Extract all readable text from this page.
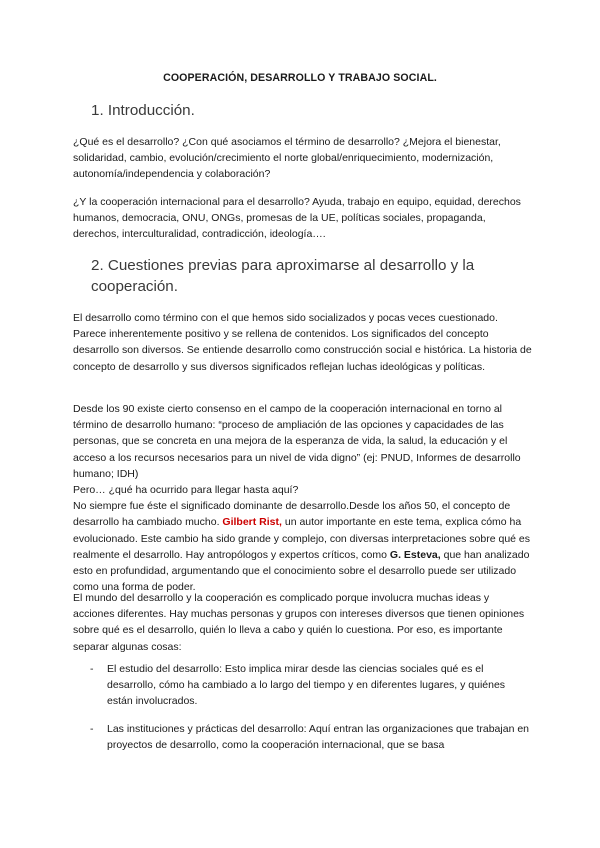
COOPERACIÓN, DESARROLLO Y TRABAJO SOCIAL.
1. Introducción.

¿Qué es el desarrollo? ¿Con qué asociamos el término de desarrollo? ¿Mejora el bienestar, solidaridad, cambio, evolución/crecimiento el norte global/enriquecimiento, modernización, autonomía/independencia y colaboración?

¿Y la cooperación internacional para el desarrollo? Ayuda, trabajo en equipo, equidad, derechos humanos, democracia, ONU, ONGs, promesas de la UE, políticas sociales, propaganda, derechos, interculturalidad, contradicción, ideología….

2. Cuestiones previas para aproximarse al desarrollo y la cooperación.

El desarrollo como término con el que hemos sido socializados y pocas veces cuestionado. Parece inherentemente positivo y se rellena de contenidos. Los significados del concepto desarrollo son diversos. Se entiende desarrollo como construcción social e histórica. La historia de concepto de desarrollo y sus diversos significados reflejan luchas ideológicas y políticas.

Desde los 90 existe cierto consenso en el campo de la cooperación internacional en torno al término de desarrollo humano: “proceso de ampliación de las opciones y capacidades de las personas, que se concreta en una mejora de la esperanza de vida, la salud, la educación y el acceso a los recursos necesarios para un nivel de vida digno” (ej: PNUD, Informes de desarrollo humano; IDH)

Pero… ¿qué ha ocurrido para llegar hasta aquí?

No siempre fue éste el significado dominante de desarrollo.Desde los años 50, el concepto de desarrollo ha cambiado mucho. Gilbert Rist, un autor importante en este tema, explica cómo ha evolucionado. Este cambio ha sido grande y complejo, con diversas interpretaciones sobre qué es realmente el desarrollo. Hay antropólogos y expertos críticos, como G. Esteva, que han analizado esto en profundidad, argumentando que el conocimiento sobre el desarrollo puede ser utilizado como una forma de poder.

El mundo del desarrollo y la cooperación es complicado porque involucra muchas ideas y acciones diferentes. Hay muchas personas y grupos con intereses diversos que tienen opiniones sobre qué es el desarrollo, quién lo lleva a cabo y quién lo cuestiona. Por eso, es importante separar algunas cosas:

- El estudio del desarrollo: Esto implica mirar desde las ciencias sociales qué es el desarrollo, cómo ha cambiado a lo largo del tiempo y en diferentes lugares, y quiénes están involucrados.
- Las instituciones y prácticas del desarrollo: Aquí entran las organizaciones que trabajan en proyectos de desarrollo, como la cooperación internacional, que se basa
